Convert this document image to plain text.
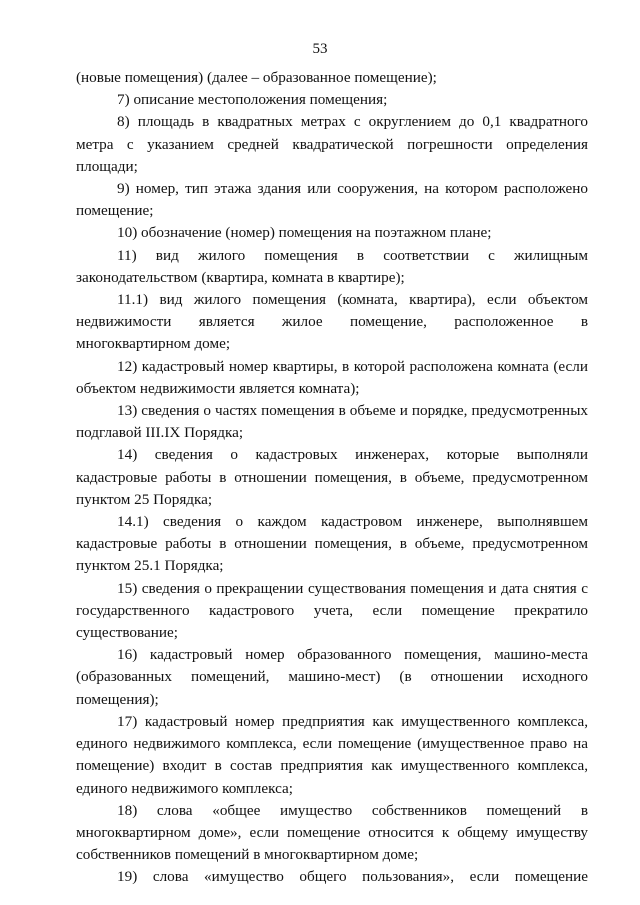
53

(новые помещения) (далее – образованное помещение);

7) описание местоположения помещения;

8) площадь в квадратных метрах с округлением до 0,1 квадратного метра с указанием средней квадратической погрешности определения площади;

9) номер, тип этажа здания или сооружения, на котором расположено помещение;

10) обозначение (номер) помещения на поэтажном плане;

11) вид жилого помещения в соответствии с жилищным законодательством (квартира, комната в квартире);

11.1) вид жилого помещения (комната, квартира), если объектом недвижимости является жилое помещение, расположенное в многоквартирном доме;

12) кадастровый номер квартиры, в которой расположена комната (если объектом недвижимости является комната);

13) сведения о частях помещения в объеме и порядке, предусмотренных подглавой III.IX Порядка;

14) сведения о кадастровых инженерах, которые выполняли кадастровые работы в отношении помещения, в объеме, предусмотренном пунктом 25 Порядка;

14.1) сведения о каждом кадастровом инженере, выполнявшем кадастровые работы в отношении помещения, в объеме, предусмотренном пунктом 25.1 Порядка;

15) сведения о прекращении существования помещения и дата снятия с государственного кадастрового учета, если помещение прекратило существование;

16) кадастровый номер образованного помещения, машино-места (образованных помещений, машино-мест) (в отношении исходного помещения);

17) кадастровый номер предприятия как имущественного комплекса, единого недвижимого комплекса, если помещение (имущественное право на помещение) входит в состав предприятия как имущественного комплекса, единого недвижимого комплекса;

18) слова «общее имущество собственников помещений в многоквартирном доме», если помещение относится к общему имуществу собственников помещений в многоквартирном доме;

19) слова «имущество общего пользования», если помещение
